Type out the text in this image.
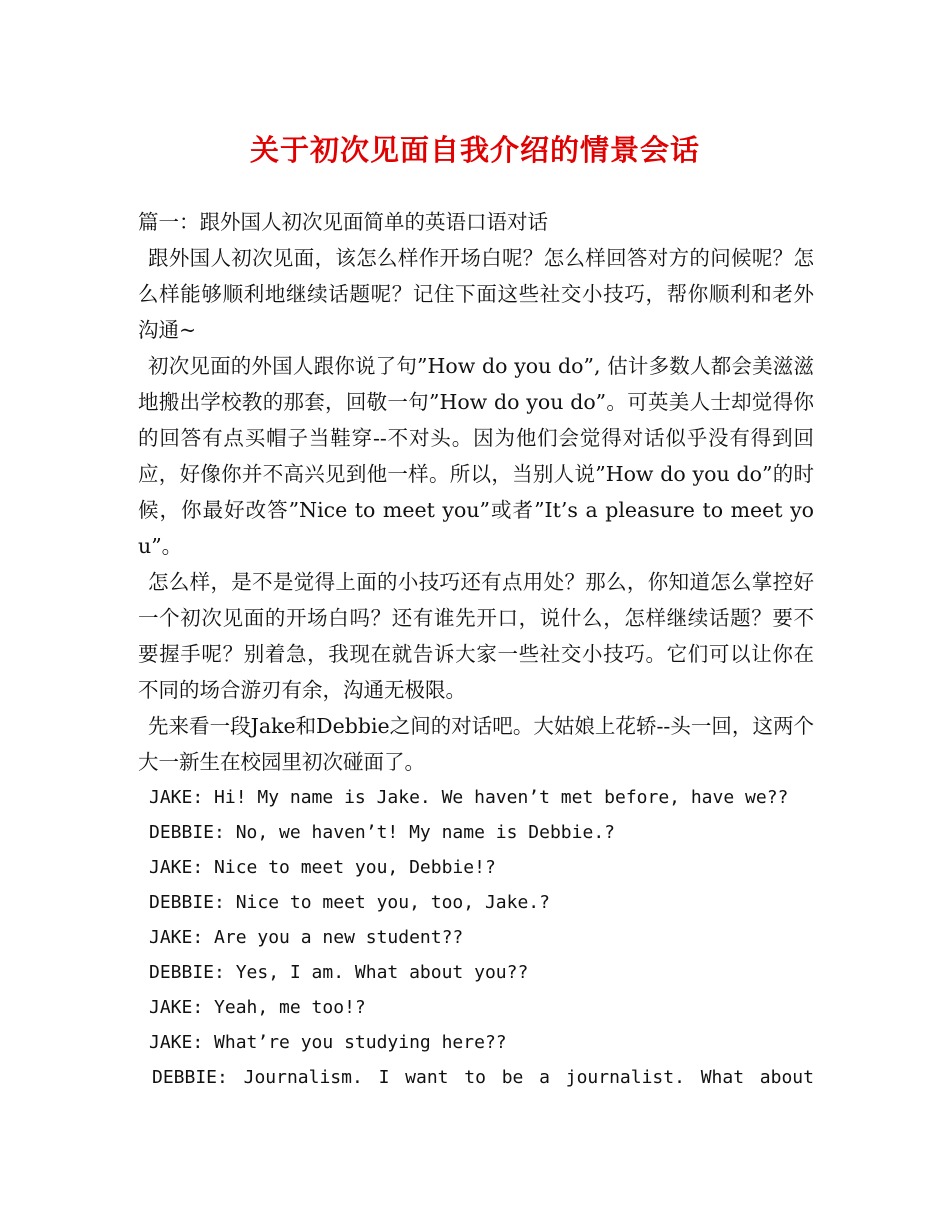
关于初次见面自我介绍的情景会话

篇一：跟外国人初次见面简单的英语口语对话

跟外国人初次见面，该怎么样作开场白呢？怎么样回答对方的问候呢？怎么样能够顺利地继续话题呢？记住下面这些社交小技巧，帮你顺利和老外沟通~

初次见面的外国人跟你说了句”How do you do”, 估计多数人都会美滋滋地搬出学校教的那套，回敬一句”How do you do”。可英美人士却觉得你的回答有点买帽子当鞋穿--不对头。因为他们会觉得对话似乎没有得到回应，好像你并不高兴见到他一样。所以，当别人说”How do you do”的时候，你最好改答”Nice to meet you”或者”It’s a pleasure to meet you”。

怎么样，是不是觉得上面的小技巧还有点用处？那么，你知道怎么掌控好一个初次见面的开场白吗？还有谁先开口，说什么，怎样继续话题？要不要握手呢？别着急，我现在就告诉大家一些社交小技巧。它们可以让你在不同的场合游刃有余，沟通无极限。

先来看一段Jake和Debbie之间的对话吧。大姑娘上花轿--头一回，这两个大一新生在校园里初次碰面了。

JAKE: Hi! My name is Jake. We haven’t met before, have we??

DEBBIE: No, we haven’t! My name is Debbie.?

JAKE: Nice to meet you, Debbie!?

DEBBIE: Nice to meet you, too, Jake.?

JAKE: Are you a new student??

DEBBIE: Yes, I am. What about you??

JAKE: Yeah, me too!?

JAKE: What’re you studying here??

DEBBIE: Journalism. I want to be a journalist. What about
